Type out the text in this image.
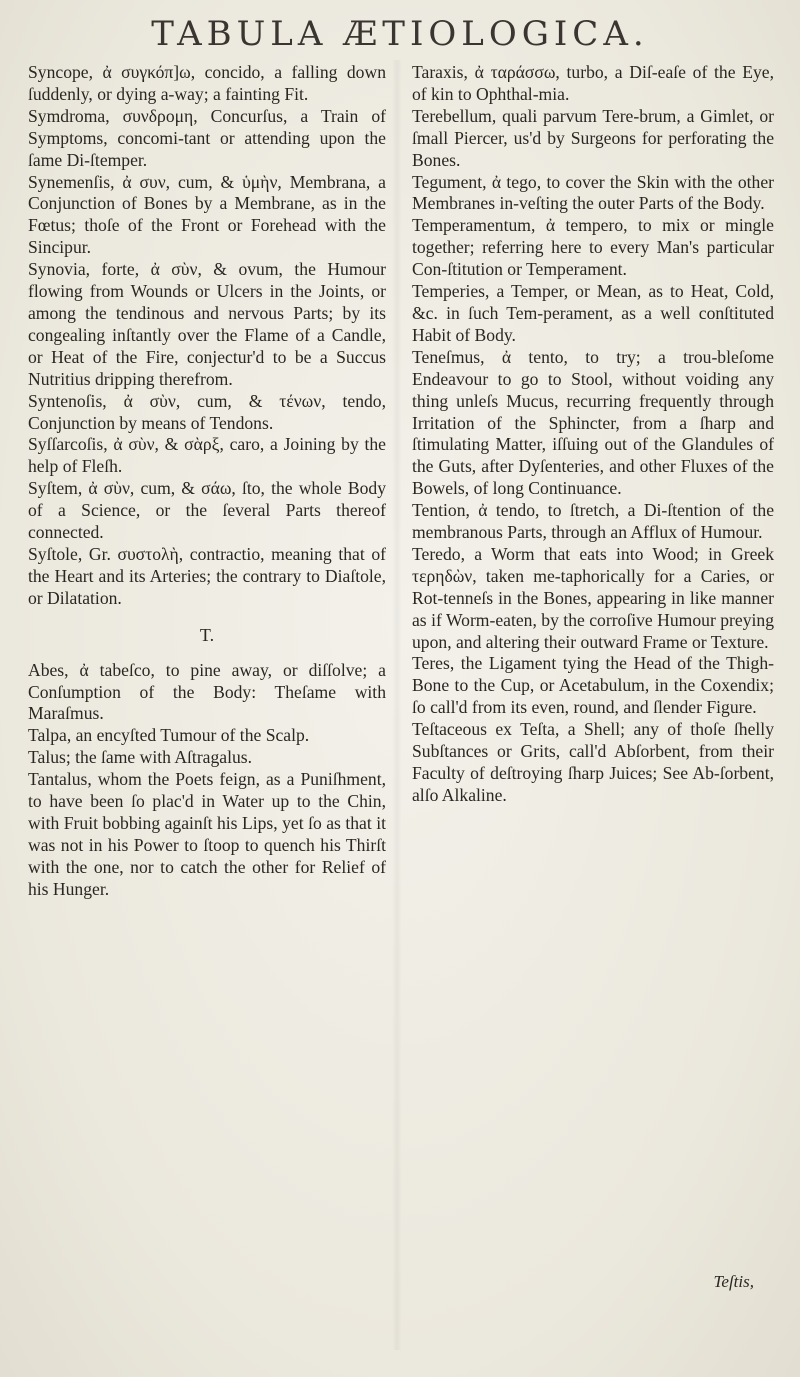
TABULA ÆTIOLOGICA.

Syncope, ἀ συγκόπ]ω, concido, a falling down ſuddenly, or dying a-way; a fainting Fit.

Symdroma, συνδρομη, Concurſus, a Train of Symptoms, concomi-tant or attending upon the ſame Di-ſtemper.

Synemenſis, ἀ συν, cum, & ὑμὴν, Membrana, a Conjunction of Bones by a Membrane, as in the Fœtus; thoſe of the Front or Forehead with the Sincipur.

Synovia, forte, ἀ σὺν, & ovum, the Humour flowing from Wounds or Ulcers in the Joints, or among the tendinous and nervous Parts; by its congealing inſtantly over the Flame of a Candle, or Heat of the Fire, conjectur'd to be a Succus Nutritius dripping therefrom.

Syntenoſis, ἀ σὺν, cum, & τένων, tendo, Conjunction by means of Tendons.

Syſſarcoſis, ἀ σὺν, & σὰρξ, caro, a Joining by the help of Fleſh.

Syſtem, ἀ σὺν, cum, & σάω, ſto, the whole Body of a Science, or the ſeveral Parts thereof connected.

Syſtole, Gr. συστολὴ, contractio, meaning that of the Heart and its Arteries; the contrary to Diaſtole, or Dilatation.

T.

Abes, ἀ tabeſco, to pine away, or diſſolve; a Conſumption of the Body: Theſame with Maraſmus.

Talpa, an encyſted Tumour of the Scalp.

Talus; the ſame with Aſtragalus.

Tantalus, whom the Poets feign, as a Puniſhment, to have been ſo plac'd in Water up to the Chin, with Fruit bobbing againſt his Lips, yet ſo as that it was not in his Power to ſtoop to quench his Thirſt with the one, nor to catch the other for Relief of his Hunger.

Taraxis, ἀ ταράσσω, turbo, a Diſ-eaſe of the Eye, of kin to Ophthal-mia.

Terebellum, quali parvum Tere-brum, a Gimlet, or ſmall Piercer, us'd by Surgeons for perforating the Bones.

Tegument, ἀ tego, to cover the Skin with the other Membranes in-veſting the outer Parts of the Body.

Temperamentum, ἀ tempero, to mix or mingle together; referring here to every Man's particular Con-ſtitution or Temperament.

Temperies, a Temper, or Mean, as to Heat, Cold, &c. in ſuch Tem-perament, as a well conſtituted Habit of Body.

Teneſmus, ἀ tento, to try; a trou-bleſome Endeavour to go to Stool, without voiding any thing unleſs Mucus, recurring frequently through Irritation of the Sphincter, from a ſharp and ſtimulating Matter, iſſuing out of the Glandules of the Guts, after Dyſenteries, and other Fluxes of the Bowels, of long Continuance.

Tention, ἀ tendo, to ſtretch, a Di-ſtention of the membranous Parts, through an Afflux of Humour.

Teredo, a Worm that eats into Wood; in Greek τερηδὼν, taken me-taphorically for a Caries, or Rot-tenneſs in the Bones, appearing in like manner as if Worm-eaten, by the corroſive Humour preying upon, and altering their outward Frame or Texture.

Teres, the Ligament tying the Head of the Thigh-Bone to the Cup, or Acetabulum, in the Coxendix; ſo call'd from its even, round, and ſlender Figure.

Teſtaceous ex Teſta, a Shell; any of thoſe ſhelly Subſtances or Grits, call'd Abſorbent, from their Faculty of deſtroying ſharp Juices; See Ab-ſorbent, alſo Alkaline.

Teſtis,
